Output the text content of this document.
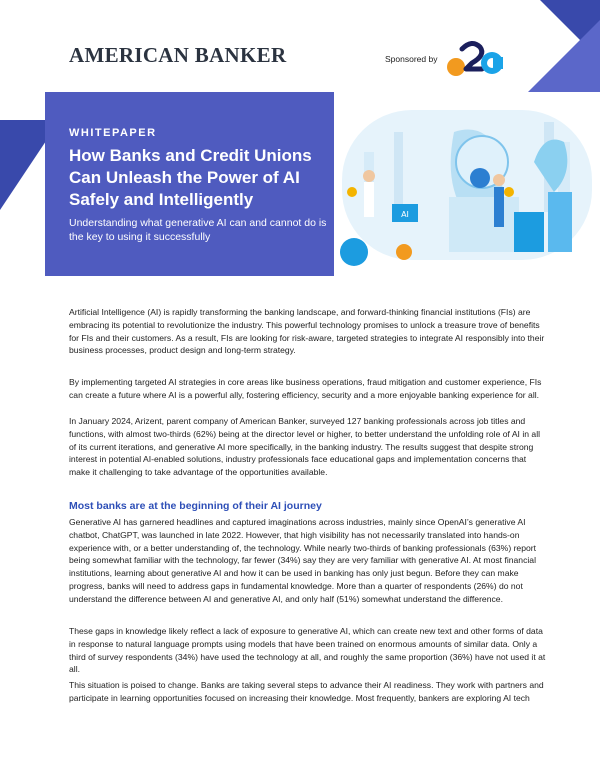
AMERICAN BANKER	Sponsored by
AI
WHITEPAPER
How Banks and Credit Unions Can Unleash the Power of AI Safely and Intelligently

Understanding what generative AI can and cannot do is the key to using it successfully

Artificial Intelligence (AI) is rapidly transforming the banking landscape, and forward-thinking financial institutions (FIs) are embracing its potential to revolutionize the industry. This powerful technology promises to unlock a treasure trove of benefits for FIs and their customers. As a result, FIs are looking for risk-aware, targeted strategies to integrate AI responsibly into their business processes, product design and long-term strategy.

By implementing targeted AI strategies in core areas like business operations, fraud mitigation and customer experience, FIs can create a future where AI is a powerful ally, fostering efficiency, security and a more enjoyable banking experience for all.

In January 2024, Arizent, parent company of American Banker, surveyed 127 banking professionals across job titles and functions, with almost two-thirds (62%) being at the director level or higher, to better understand the unfolding role of AI in all of its current iterations, and generative AI more specifically, in the banking industry. The results suggest that despite strong interest in potential AI-enabled solutions, industry professionals face educational gaps and implementation concerns that make it challenging to take advantage of the opportunities available.

Most banks are at the beginning of their AI journey

Generative AI has garnered headlines and captured imaginations across industries, mainly since OpenAI’s generative AI chatbot, ChatGPT, was launched in late 2022. However, that high visibility has not necessarily translated into hands-on experience with, or a better understanding of, the technology. While nearly two-thirds of banking professionals (63%) report being somewhat familiar with the technology, far fewer (34%) say they are very familiar with generative AI. At most financial institutions, learning about generative AI and how it can be used in banking has only just begun. Before they can make progress, banks will need to address gaps in fundamental knowledge. More than a quarter of respondents (26%) do not understand the difference between AI and generative AI, and only half (51%) somewhat understand the difference.

These gaps in knowledge likely reflect a lack of exposure to generative AI, which can create new text and other forms of data in response to natural language prompts using models that have been trained on enormous amounts of similar data. Only a third of survey respondents (34%) have used the technology at all, and roughly the same proportion (36%) have not used it at all.

This situation is poised to change. Banks are taking several steps to advance their AI readiness. They work with partners and participate in learning opportunities focused on increasing their knowledge. Most frequently, bankers are exploring AI tech
